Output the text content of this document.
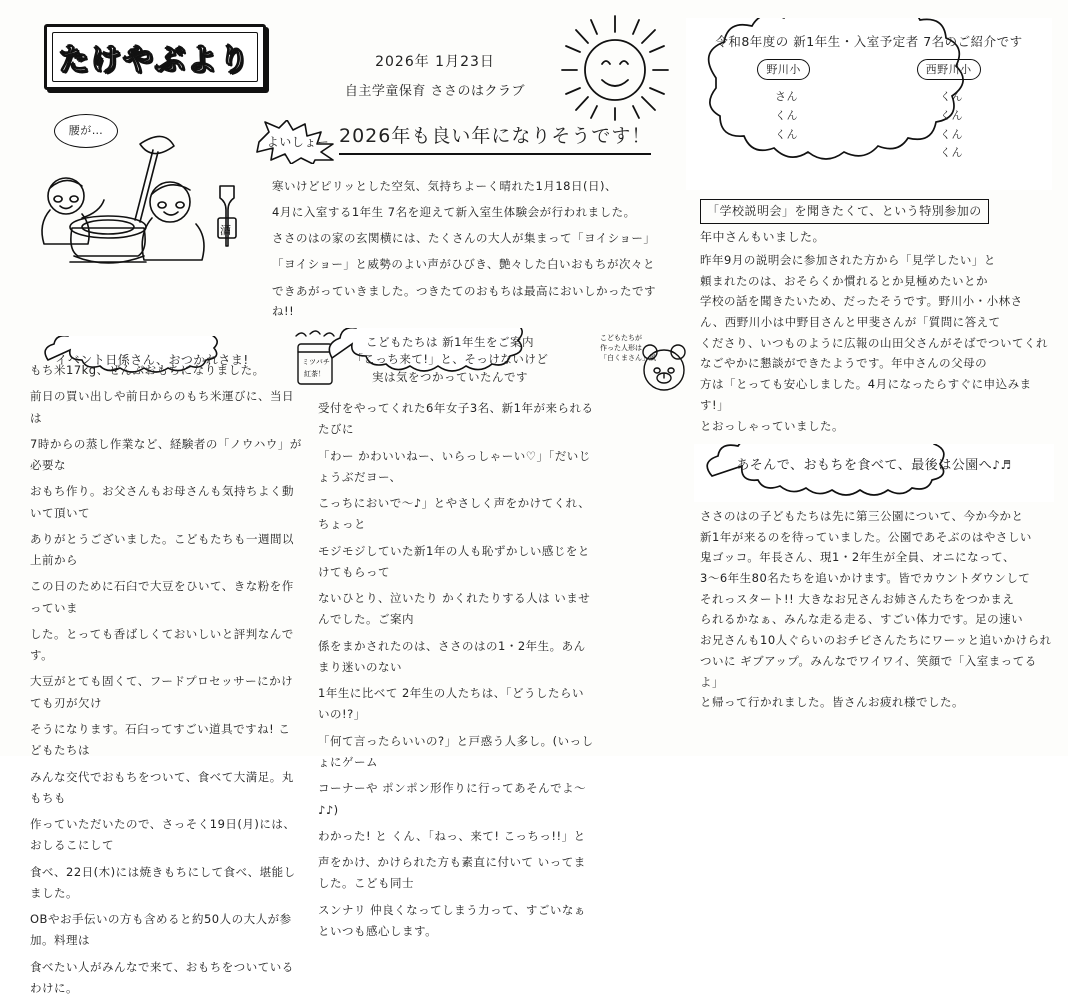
たけやぶより	2026年 1月23日
自主学童保育 ささのはクラブ
酒
腰が…
よいしょー 2026年も良い年になりそうです！

寒いけどピリッとした空気、気持ちよーく晴れた1月18日(日)、

4月に入室する1年生 7名を迎えて新入室生体験会が行われました。

ささのはの家の玄関横には、たくさんの大人が集まって「ヨイショー」

「ヨイショー」と威勢のよい声がひびき、艶々した白いおもちが次々と

できあがっていきました。つきたてのおもちは最高においしかったですね!!

令和8年度の 新1年生・入室予定者 7名のご紹介です
野川小	西野川小
さん
くん
くん
くん
くん
くん
くん
「学校説明会」を聞きたくて、という特別参加の
年中さんもいました。
昨年9月の説明会に参加された方から「見学したい」と
頼まれたのは、おそらくか慣れるとか見極めたいとか
学校の話を聞きたいため、だったそうです。野川小・小林さ
ん、西野川小は中野目さんと甲斐さんが「質問に答えて
くださり、いつものように広報の山田父さんがそばでついてくれ
なごやかに懇談ができたようです。年中さんの父母の
方は「とっても安心しました。4月になったらすぐに申込みます!」
とおっしゃっていました。
あそんで、おもちを食べて、最後は公園へ♪♬
ささのはの子どもたちは先に第三公園について、今か今かと
新1年が来るのを待っていました。公園であそぶのはやさしい
鬼ゴッコ。年長さん、現1・2年生が全員、オニになって、
3〜6年生80名たちを追いかけます。皆でカウントダウンして
それっスタート!! 大きなお兄さんお姉さんたちをつかまえ
られるかなぁ、みんな走る走る、すごい体力です。足の速い
お兄さんも10人ぐらいのおチビさんたちにワーッと追いかけられ
ついに ギブアップ。みんなでワイワイ、笑顔で「入室まってるよ」
と帰って行かれました。皆さんお疲れ様でした。
イベント日係さん、おつかれさま!

もち米17kg、ぜんぶおもちになりました。

前日の買い出しや前日からのもち米運びに、当日は

7時からの蒸し作業など、経験者の「ノウハウ」が必要な

おもち作り。お父さんもお母さんも気持ちよく動いて頂いて

ありがとうございました。こどもたちも一週間以上前から

この日のために石臼で大豆をひいて、きな粉を作っていま

した。とっても香ばしくておいしいと評判なんです。

大豆がとても固くて、フードプロセッサーにかけても刃が欠け

そうになります。石臼ってすごい道具ですね! こどもたちは

みんな交代でおもちをついて、食べて大満足。丸もちも

作っていただいたので、さっそく19日(月)には、おしるこにして

食べ、22日(木)には焼きもちにして食べ、堪能しました。

OBやお手伝いの方も含めると約50人の大人が参加。料理は

食べたい人がみんなで来て、おもちをついているわけに。

ミツバチ
紅茶！
こどもたちは 新1年生をご案内
「こっち来て!」と、そっけないけど
実は気をつかっていたんです

受付をやってくれた6年女子3名、新1年が来られるたびに

「わー かわいいねー、いらっしゃーい♡」「だいじょうぶだヨー、

こっちにおいで〜♪」とやさしく声をかけてくれ、ちょっと

モジモジしていた新1年の人も恥ずかしい感じをとけてもらって

ないひとり、泣いたり かくれたりする人は いませんでした。ご案内

係をまかされたのは、ささのはの1・2年生。あんまり迷いのない

1年生に比べて 2年生の人たちは、「どうしたらいいの!?」

「何て言ったらいいの?」と戸惑う人多し。(いっしょにゲーム

コーナーや ポンポン形作りに行ってあそんでよ〜♪♪)

わかった! と くん、「ねっ、来て! こっちっ!!」と

声をかけ、かけられた方も素直に付いて いってました。こども同士

スンナリ 仲良くなってしまう力って、すごいなぁといつも感心します。

こどもたちが
作った人形は
「白くまさん」風
